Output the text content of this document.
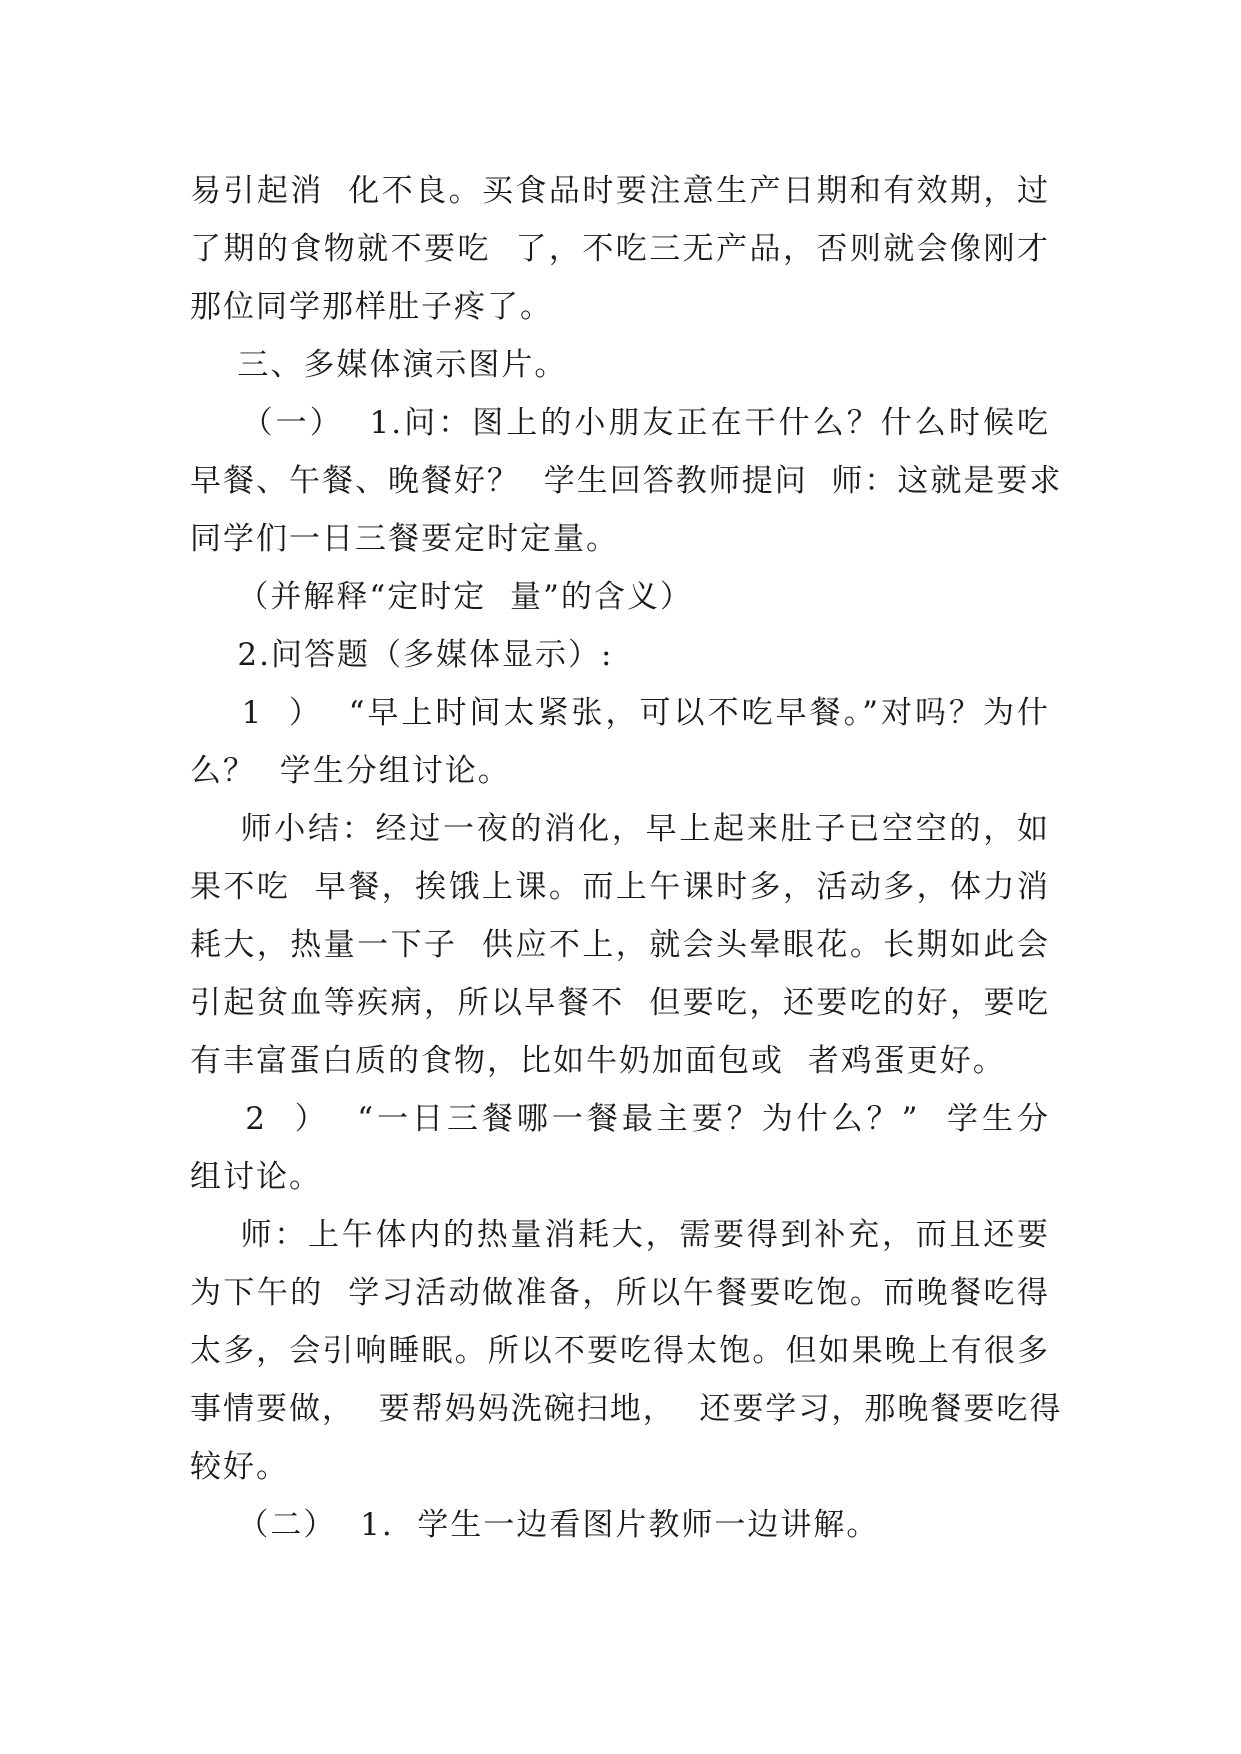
易引起消  化不良。买食品时要注意生产日期和有效期，过
了期的食物就不要吃  了，不吃三无产品，否则就会像刚才
那位同学那样肚子疼了。
三、多媒体演示图片。
（一）  1.问：图上的小朋友正在干什么？什么时候吃
早餐、午餐、晚餐好？  学生回答教师提问  师：这就是要求
同学们一日三餐要定时定量。
（并解释“定时定  量”的含义）
2.问答题（多媒体显示）:
1  ）  “早上时间太紧张，可以不吃早餐。”对吗？为什
么？  学生分组讨论。
师小结：经过一夜的消化，早上起来肚子已空空的，如
果不吃  早餐，挨饿上课。而上午课时多，活动多，体力消
耗大，热量一下子  供应不上，就会头晕眼花。长期如此会
引起贫血等疾病，所以早餐不  但要吃，还要吃的好，要吃
有丰富蛋白质的食物，比如牛奶加面包或  者鸡蛋更好。
2  ）  “一日三餐哪一餐最主要？为什么？”  学生分
组讨论。
师：上午体内的热量消耗大，需要得到补充，而且还要
为下午的  学习活动做准备，所以午餐要吃饱。而晚餐吃得
太多，会引响睡眠。所以不要吃得太饱。但如果晚上有很多
事情要做，  要帮妈妈洗碗扫地，  还要学习，那晚餐要吃得
较好。
（二）  1.  学生一边看图片教师一边讲解。
